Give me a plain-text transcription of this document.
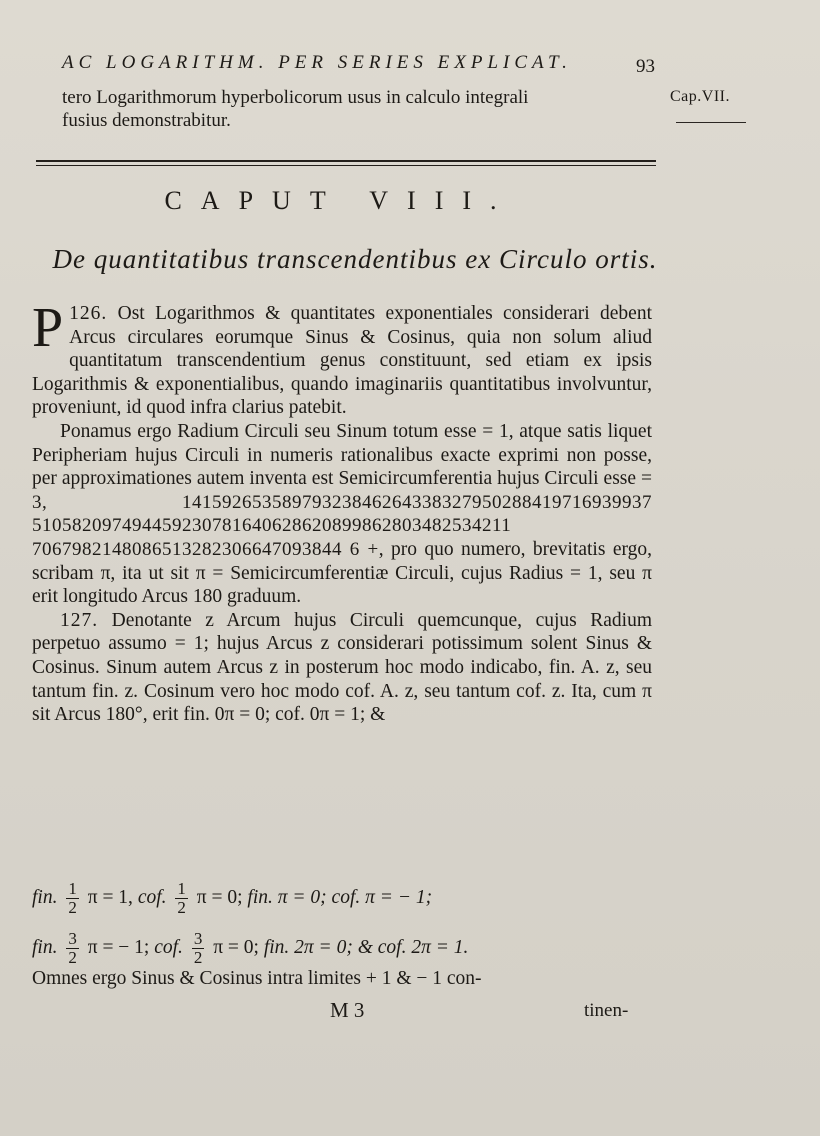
AC LOGARITHM. PER SERIES EXPLICAT.	93
tero Logarithmorum hyperbolicorum usus in calculo integrali
fusius demonstrabitur.
Cap.VII.
CAPUT VIII.
De quantitatibus transcendentibus ex Circulo ortis.

126.
P	Ost Logarithmos & quantitates exponentiales considerari debent Arcus circulares eorumque Sinus & Cosinus, quia non solum aliud quantitatum transcendentium genus constituunt, sed etiam ex ipsis Logarithmis & exponentialibus, quando imaginariis quantitatibus involvuntur, proveniunt, id quod infra clarius patebit.

Ponamus ergo Radium Circuli seu Sinum totum esse = 1, atque satis liquet Peripheriam hujus Circuli in numeris rationalibus exacte exprimi non posse, per approximationes autem inventa est Semicircumferentia hujus Circuli esse = 3, 14159265358979323846264338327950288419716939937 510582097494459230781640628620899862803482534211 7067982148086513282306647093844 6 +, pro quo numero, brevitatis ergo, scribam π, ita ut sit π = Semicircumferentiæ Circuli, cujus Radius = 1, seu π erit longitudo Arcus 180 graduum.

127. Denotante z Arcum hujus Circuli quemcunque, cujus Radium perpetuo assumo = 1; hujus Arcus z considerari potissimum solent Sinus & Cosinus. Sinum autem Arcus z in posterum hoc modo indicabo, fin. A. z, seu tantum fin. z. Cosinum vero hoc modo cof. A. z, seu tantum cof. z. Ita, cum π sit Arcus 180°, erit fin. 0π = 0; cof. 0π = 1; &

fin. $\frac{1}{2}$ π = 1, cof. $\frac{1}{2}$ π = 0; fin. π = 0; cof. π = − 1;
fin. $\frac{3}{2}$ π = − 1; cof. $\frac{3}{2}$ π = 0; fin. 2π = 0; & cof. 2π = 1.
Omnes ergo Sinus & Cosinus intra limites + 1 & − 1 con-
M 3	tinen-
